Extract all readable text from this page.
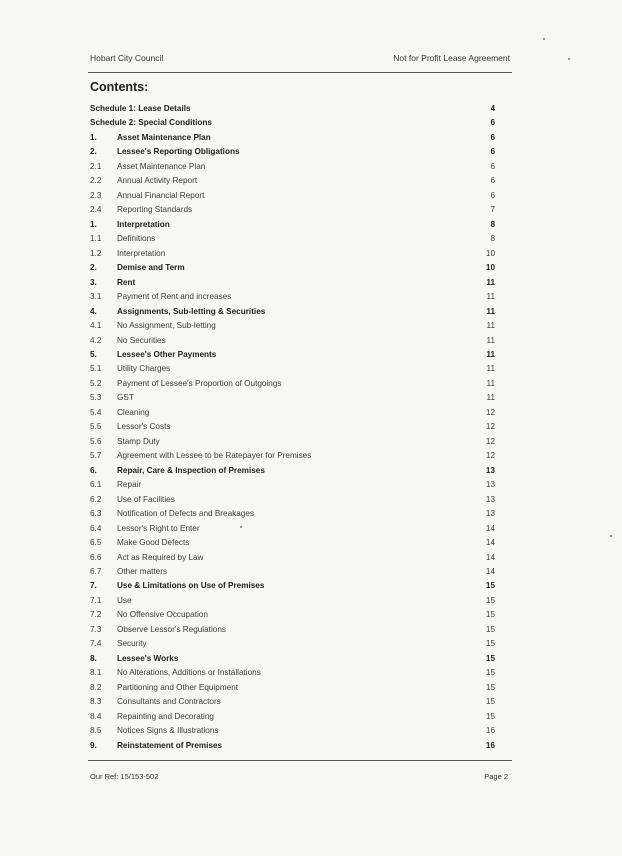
Hobart City Council	Not for Profit Lease Agreement
Contents:
Schedule 1: Lease Details	4
Schedule 2: Special Conditions	6
1. Asset Maintenance Plan	6
2. Lessee's Reporting Obligations	6
2.1 Asset Maintenance Plan	6
2.2 Annual Activity Report	6
2.3 Annual Financial Report	6
2.4 Reporting Standards	7
1. Interpretation	8
1.1 Definitions	8
1.2 Interpretation	10
2. Demise and Term	10
3. Rent	11
3.1 Payment of Rent and increases	11
4. Assignments, Sub-letting & Securities	11
4.1 No Assignment, Sub-letting	11
4.2 No Securities	11
5. Lessee's Other Payments	11
5.1 Utility Charges	11
5.2 Payment of Lessee's Proportion of Outgoings	11
5.3 GST	11
5.4 Cleaning	12
5.5 Lessor's Costs	12
5.6 Stamp Duty	12
5.7 Agreement with Lessee to be Ratepayer for Premises	12
6. Repair, Care & Inspection of Premises	13
6.1 Repair	13
6.2 Use of Facilities	13
6.3 Notification of Defects and Breakages	13
6.4 Lessor's Right to Enter	14
6.5 Make Good Defects	14
6.6 Act as Required by Law	14
6.7 Other matters	14
7. Use & Limitations on Use of Premises	15
7.1 Use	15
7.2 No Offensive Occupation	15
7.3 Observe Lessor's Regulations	15
7.4 Security	15
8. Lessee's Works	15
8.1 No Alterations, Additions or Installations	15
8.2 Partitioning and Other Equipment	15
8.3 Consultants and Contractors	15
8.4 Repainting and Decorating	15
8.5 Notices Signs & Illustrations	16
9. Reinstatement of Premises	16
Our Ref: 15/153-502	Page 2
